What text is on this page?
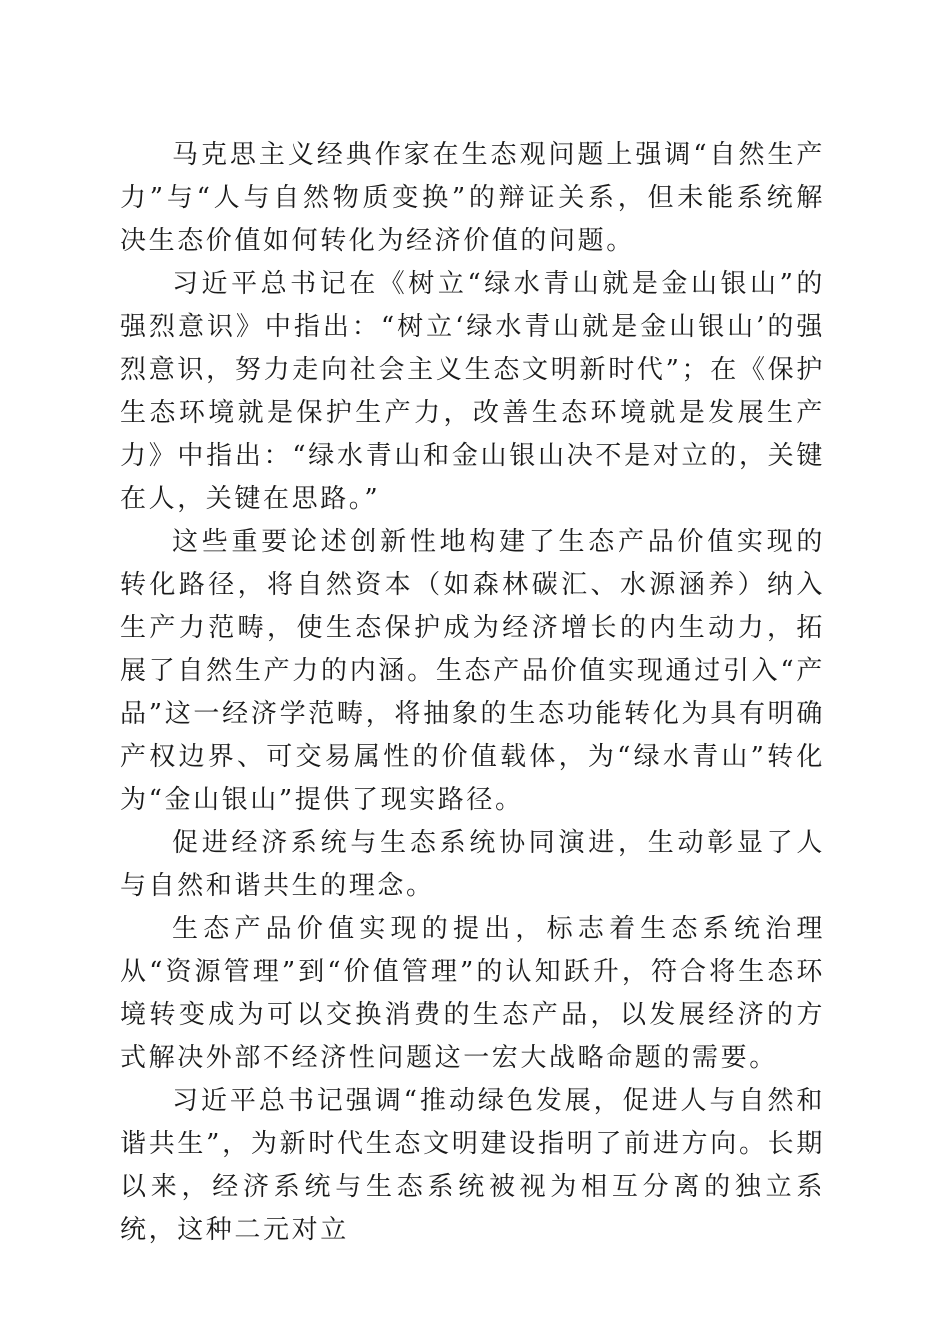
马克思主义经典作家在生态观问题上强调“自然生产力”与“人与自然物质变换”的辩证关系，但未能系统解决生态价值如何转化为经济价值的问题。

习近平总书记在《树立“绿水青山就是金山银山”的强烈意识》中指出：“树立‘绿水青山就是金山银山’的强烈意识，努力走向社会主义生态文明新时代”；在《保护生态环境就是保护生产力，改善生态环境就是发展生产力》中指出：“绿水青山和金山银山决不是对立的，关键在人，关键在思路。”

这些重要论述创新性地构建了生态产品价值实现的转化路径，将自然资本（如森林碳汇、水源涵养）纳入生产力范畴，使生态保护成为经济增长的内生动力，拓展了自然生产力的内涵。生态产品价值实现通过引入“产品”这一经济学范畴，将抽象的生态功能转化为具有明确产权边界、可交易属性的价值载体，为“绿水青山”转化为“金山银山”提供了现实路径。

促进经济系统与生态系统协同演进，生动彰显了人与自然和谐共生的理念。

生态产品价值实现的提出，标志着生态系统治理从“资源管理”到“价值管理”的认知跃升，符合将生态环境转变成为可以交换消费的生态产品，以发展经济的方式解决外部不经济性问题这一宏大战略命题的需要。

习近平总书记强调“推动绿色发展，促进人与自然和谐共生”，为新时代生态文明建设指明了前进方向。长期以来，经济系统与生态系统被视为相互分离的独立系统，这种二元对立
